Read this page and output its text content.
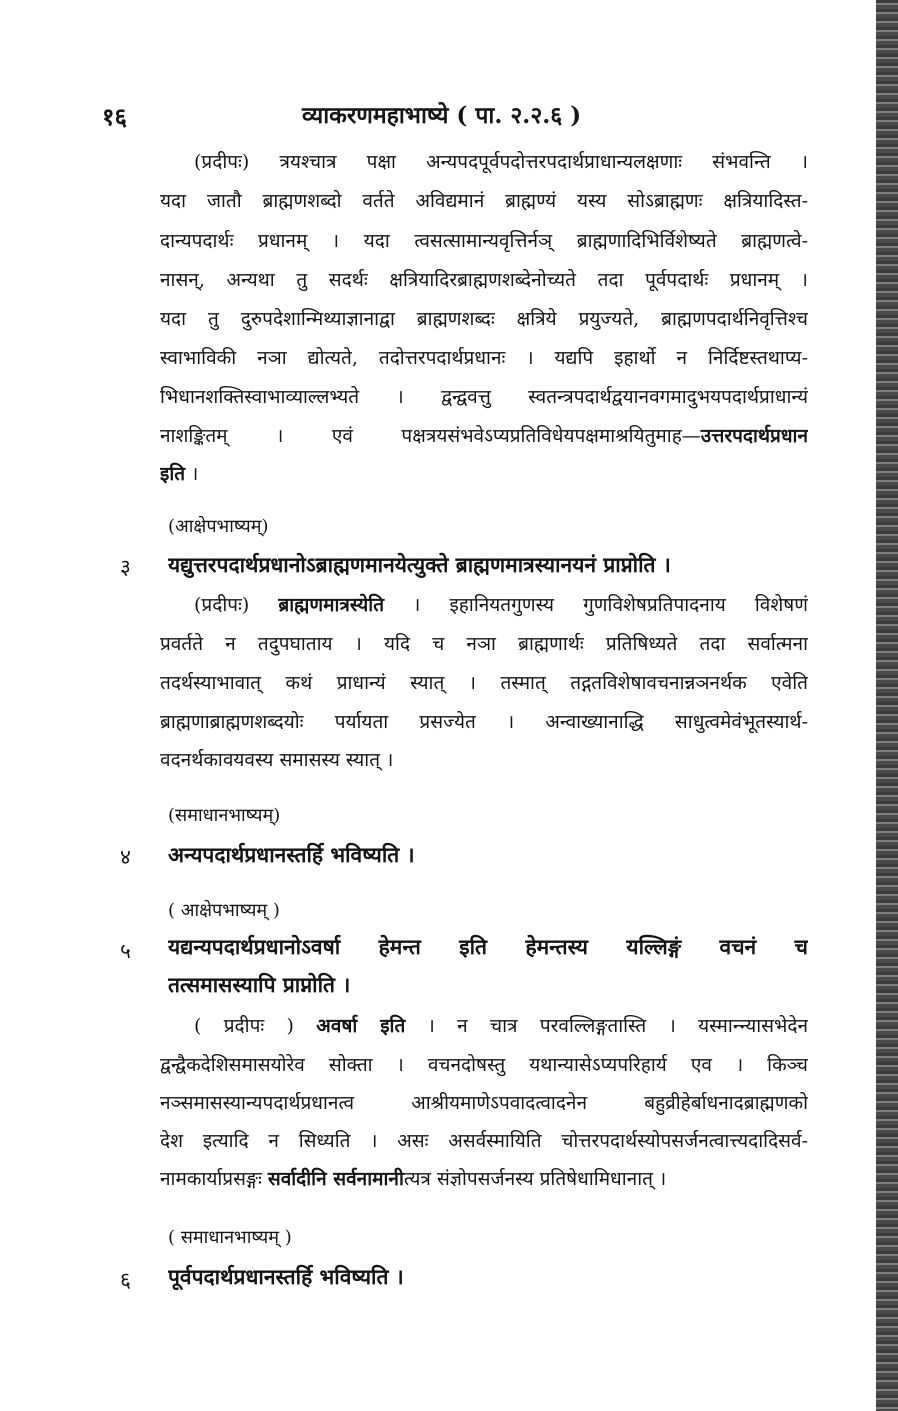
१६	व्याकरणमहाभाष्ये ( पा. २.२.६ )
(प्रदीपः) त्रयश्चात्र पक्षा अन्यपदपूर्वपदोत्तरपदार्थप्राधान्यलक्षणाः संभवन्ति ।
यदा जातौ ब्राह्मणशब्दो वर्तते अविद्यमानं ब्राह्मण्यं यस्य सोऽब्राह्मणः क्षत्रियादिस्त-
दान्यपदार्थः प्रधानम् । यदा त्वसत्सामान्यवृत्तिर्नञ् ब्राह्मणादिभिर्विशेष्यते ब्राह्मणत्वे-
नासन्, अन्यथा तु सदर्थः क्षत्रियादिरब्राह्मणशब्देनोच्यते तदा पूर्वपदार्थः प्रधानम् ।
यदा तु दुरुपदेशान्मिथ्याज्ञानाद्वा ब्राह्मणशब्दः क्षत्रिये प्रयुज्यते, ब्राह्मणपदार्थनिवृत्तिश्च
स्वाभाविकी नञा द्योत्यते, तदोत्तरपदार्थप्रधानः । यद्यपि इहार्थो न निर्दिष्टस्तथाप्य-
भिधानशक्तिस्वाभाव्याल्लभ्यते । द्वन्द्ववत्तु स्वतन्त्रपदार्थद्वयानवगमादुभयपदार्थप्राधान्यं
नाशङ्कितम् । एवं पक्षत्रयसंभवेऽप्यप्रतिविधेयपक्षमाश्रयितुमाह—उत्तरपदार्थप्रधान
इति ।
(आक्षेपभाष्यम्)
३ यद्युत्तरपदार्थप्रधानोऽब्राह्मणमानयेत्युक्ते ब्राह्मणमात्रस्यानयनं प्राप्नोति ।
(प्रदीपः) ब्राह्मणमात्रस्येति । इहानियतगुणस्य गुणविशेषप्रतिपादनाय विशेषणं
प्रवर्तते न तदुपघाताय । यदि च नञा ब्राह्मणार्थः प्रतिषिध्यते तदा सर्वात्मना
तदर्थस्याभावात् कथं प्राधान्यं स्यात् । तस्मात् तद्गतविशेषावचनान्नञनर्थक एवेति
ब्राह्मणाब्राह्मणशब्दयोः पर्यायता प्रसज्येत । अन्वाख्यानाद्धि साधुत्वमेवंभूतस्यार्थ-
वदनर्थकावयवस्य समासस्य स्यात् ।
(समाधानभाष्यम्)
४ अन्यपदार्थप्रधानस्तर्हि भविष्यति ।
( आक्षेपभाष्यम् )
५ यद्यन्यपदार्थप्रधानोऽवर्षा हेमन्त इति हेमन्तस्य यल्लिङ्गं वचनं च
तत्समासस्यापि प्राप्नोति ।
( प्रदीपः ) अवर्षा इति । न चात्र परवल्लिङ्गतास्ति । यस्मान्न्यासभेदेन
द्वन्द्वैकदेशिसमासयोरेव सोक्ता । वचनदोषस्तु यथान्यासेऽप्यपरिहार्य एव । किञ्च
नञ्समासस्यान्यपदार्थप्रधानत्व आश्रीयमाणेऽपवादत्वादनेन बहुव्रीहेर्बाधनादब्राह्मणको
देश इत्यादि न सिध्यति । असः असर्वस्मायिति चोत्तरपदार्थस्योपसर्जनत्वात्त्यदादिसर्व-
नामकार्याप्रसङ्गः सर्वादीनि सर्वनामानीत्यत्र संज्ञोपसर्जनस्य प्रतिषेधामिधानात् ।
( समाधानभाष्यम् )
६ पूर्वपदार्थप्रधानस्तर्हि भविष्यति ।
